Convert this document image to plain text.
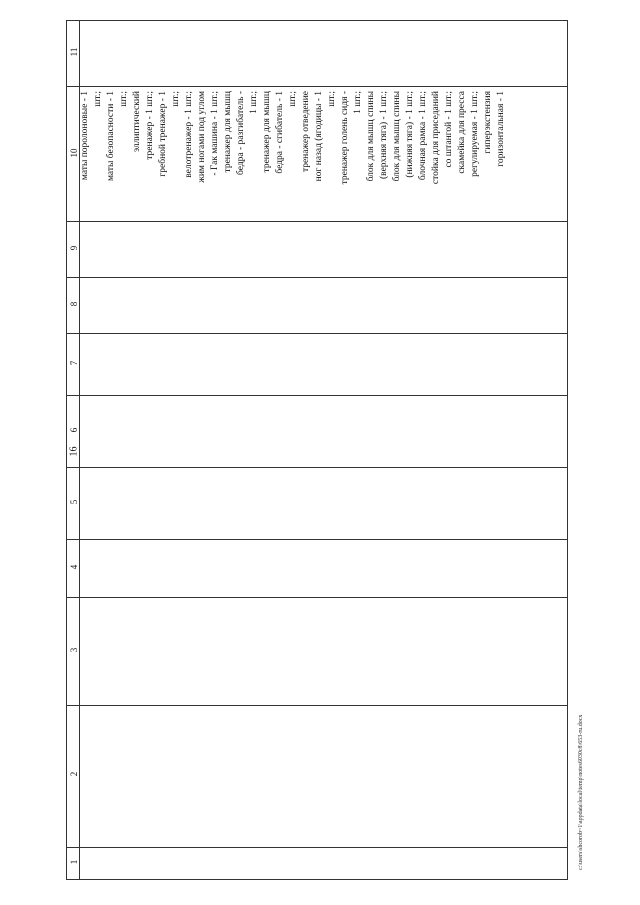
16
11
10
9
8
7
6
5
4
3
2
1
маты поролоновые - 1 шт.; маты безопасности - 1 шт.; эллиптический тренажер - 1 шт.; гребной тренажер - 1 шт.; велотренажер - 1 шт.; жим ногами под углом - Гак машина - 1 шт.; тренажер для мышц бедра - разгибатель - 1 шт.; тренажер для мышц бедра - сгибатель - 1 шт.; тренажер отведение ног назад (ягодицы - 1 шт.; тренажер голень сидя - 1 шт.; блок для мышц спины (верхняя тяга) - 1 шт.; блок для мышц спины (нижняя тяга) - 1 шт.; блочная рамка - 1 шт.; стойка для приседаний со штангой - 1 шт.; скамейка для пресса регулируемая - 1 шт.; гиперэкстензия горизонтальная - 1
c:\users\shcorob~1\appdata\local\temp\notes6030c8\653-ru.docx
